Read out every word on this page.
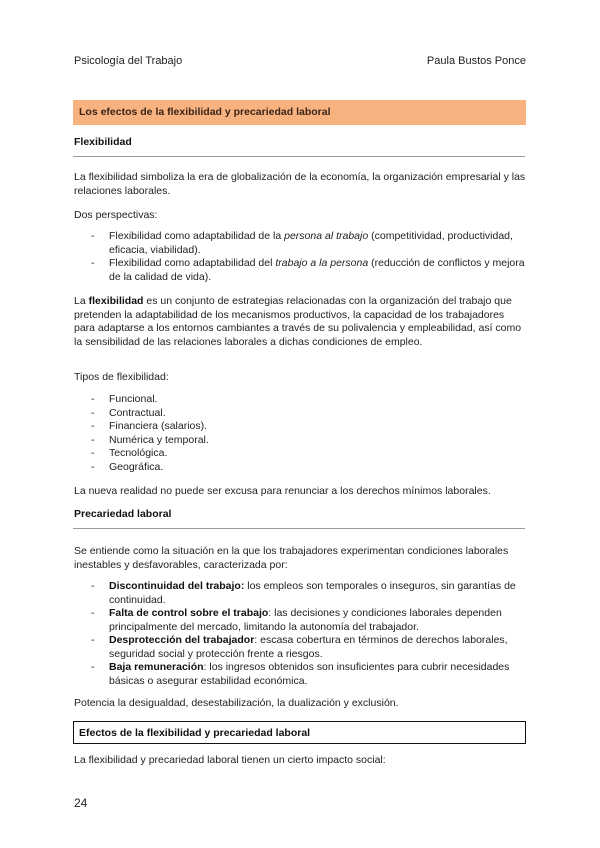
Psicología del Trabajo	Paula Bustos Ponce
Los efectos de la flexibilidad y precariedad laboral
Flexibilidad
La flexibilidad simboliza la era de globalización de la economía, la organización empresarial y las relaciones laborales.
Dos perspectivas:
- Flexibilidad como adaptabilidad de la persona al trabajo (competitividad, productividad, eficacia, viabilidad).
- Flexibilidad como adaptabilidad del trabajo a la persona (reducción de conflictos y mejora de la calidad de vida).
La flexibilidad es un conjunto de estrategias relacionadas con la organización del trabajo que pretenden la adaptabilidad de los mecanismos productivos, la capacidad de los trabajadores para adaptarse a los entornos cambiantes a través de su polivalencia y empleabilidad, así como la sensibilidad de las relaciones laborales a dichas condiciones de empleo.
Tipos de flexibilidad:
- Funcional.
- Contractual.
- Financiera (salarios).
- Numérica y temporal.
- Tecnológica.
- Geográfica.
La nueva realidad no puede ser excusa para renunciar a los derechos mínimos laborales.
Precariedad laboral
Se entiende como la situación en la que los trabajadores experimentan condiciones laborales inestables y desfavorables, caracterizada por:
- Discontinuidad del trabajo: los empleos son temporales o inseguros, sin garantías de continuidad.
- Falta de control sobre el trabajo: las decisiones y condiciones laborales dependen principalmente del mercado, limitando la autonomía del trabajador.
- Desprotección del trabajador: escasa cobertura en términos de derechos laborales, seguridad social y protección frente a riesgos.
- Baja remuneración: los ingresos obtenidos son insuficientes para cubrir necesidades básicas o asegurar estabilidad económica.
Potencia la desigualdad, desestabilización, la dualización y exclusión.
Efectos de la flexibilidad y precariedad laboral
La flexibilidad y precariedad laboral tienen un cierto impacto social:
24
